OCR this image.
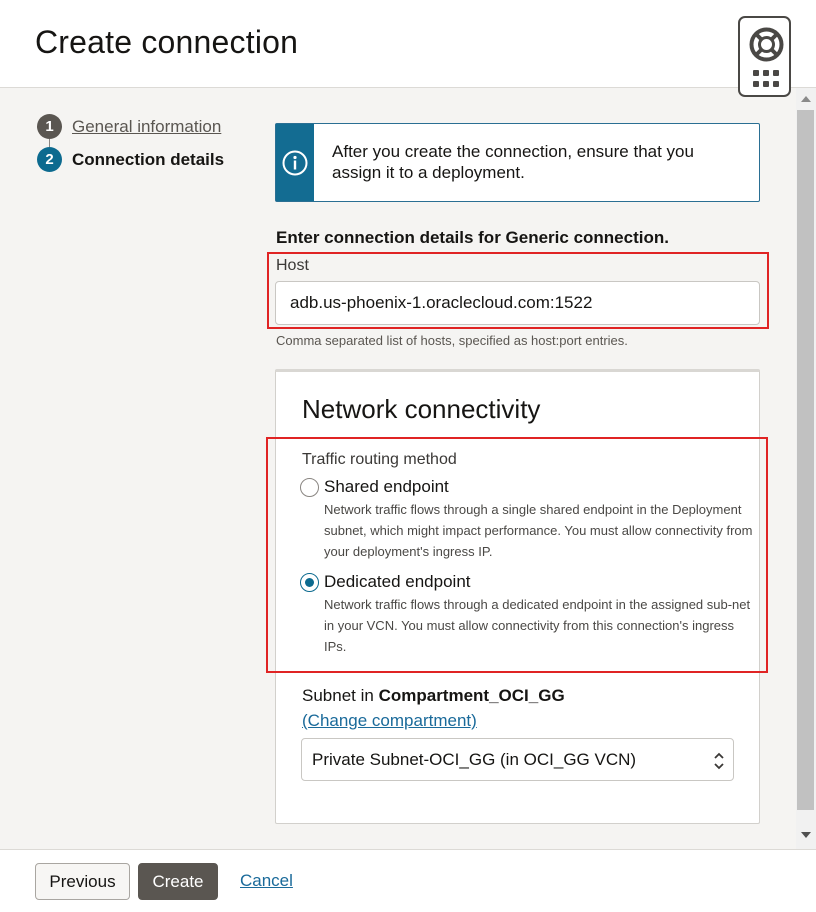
Create connection
1	General information
2	Connection details	After you create the connection, ensure that you assign it to a deployment.
Enter connection details for Generic connection.
Host
adb.us-phoenix-1.oraclecloud.com:1522
Comma separated list of hosts, specified as host:port entries.
Network connectivity
Traffic routing method
Shared endpoint
Network traffic flows through a single shared endpoint in the Deployment subnet, which might impact performance. You must allow connectivity from your deployment's ingress IP.
Dedicated endpoint
Network traffic flows through a dedicated endpoint in the assigned sub-net in your VCN. You must allow connectivity from this connection's ingress IPs.
Subnet in Compartment_OCI_GG
(Change compartment)
Private Subnet-OCI_GG (in OCI_GG VCN)
Previous	Create	Cancel
